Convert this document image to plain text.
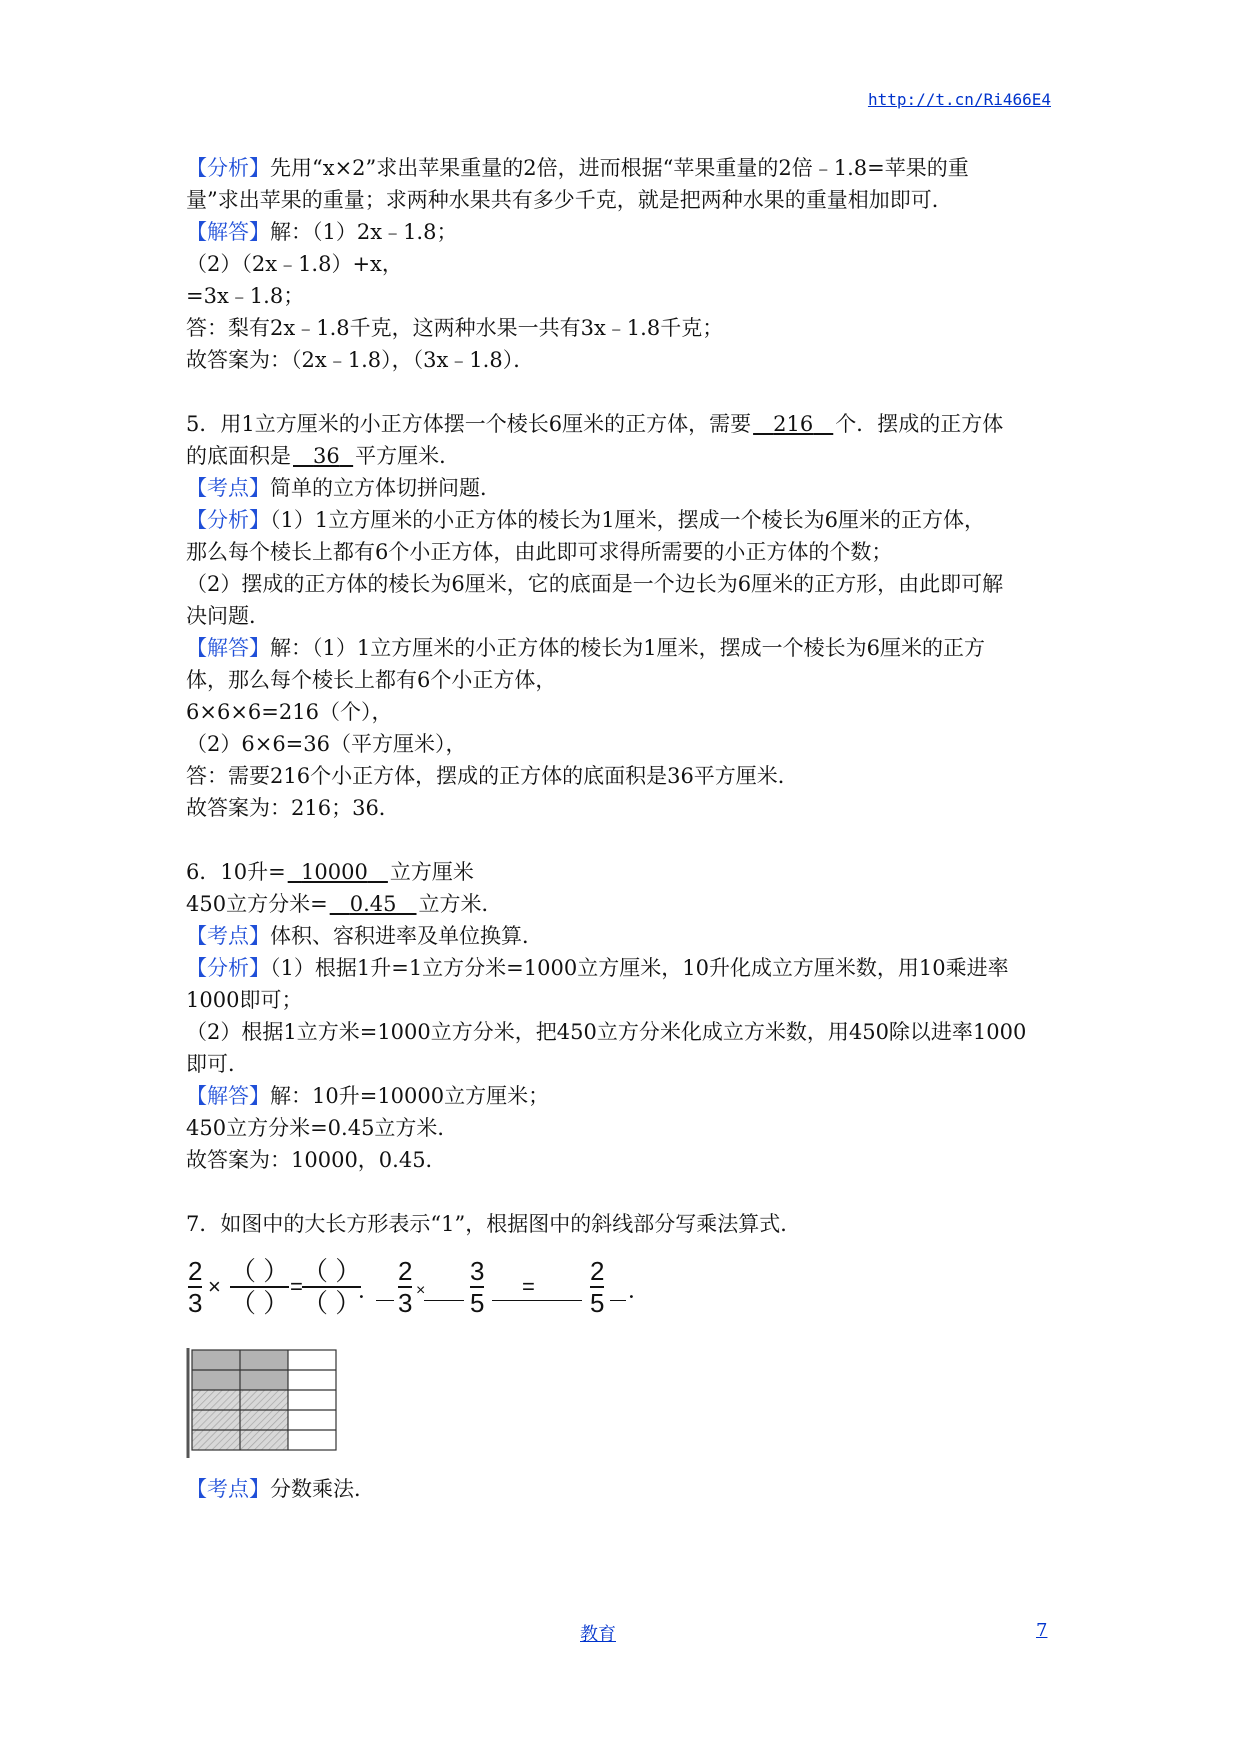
http://t.cn/Ri466E4
【分析】先用“x×2”求出苹果重量的2倍，进而根据“苹果重量的2倍﹣1.8=苹果的重
量”求出苹果的重量；求两种水果共有多少千克，就是把两种水果的重量相加即可．
【解答】解：（1）2x﹣1.8；
（2）（2x﹣1.8）+x，
=3x﹣1.8；
答：梨有2x﹣1.8千克，这两种水果一共有3x﹣1.8千克；
故答案为：（2x﹣1.8），（3x﹣1.8）．
5．用1立方厘米的小正方体摆一个棱长6厘米的正方体，需要 216 个．摆成的正方体
的底面积是 36 平方厘米．
【考点】简单的立方体切拼问题．
【分析】（1）1立方厘米的小正方体的棱长为1厘米，摆成一个棱长为6厘米的正方体，
那么每个棱长上都有6个小正方体，由此即可求得所需要的小正方体的个数；
（2）摆成的正方体的棱长为6厘米，它的底面是一个边长为6厘米的正方形，由此即可解
决问题．
【解答】解：（1）1立方厘米的小正方体的棱长为1厘米，摆成一个棱长为6厘米的正方
体，那么每个棱长上都有6个小正方体，
6×6×6=216（个），
（2）6×6=36（平方厘米），
答：需要216个小正方体，摆成的正方体的底面积是36平方厘米．
故答案为：216；36．
6．10升= 10000 立方厘米
450立方分米= 0.45 立方米．
【考点】体积、容积进率及单位换算．
【分析】（1）根据1升=1立方分米=1000立方厘米，10升化成立方厘米数，用10乘进率
1000即可；
（2）根据1立方米=1000立方分米，把450立方分米化成立方米数，用450除以进率1000
即可．
【解答】解：10升=10000立方厘米；
450立方分米=0.45立方米．
故答案为：10000，0.45．
7．如图中的大长方形表示“1”，根据图中的斜线部分写乘法算式．
2
3
×
（ ）
（ ）
=
（ ）
（ ）
．
2
3 ×
3
5
=
2
5 ．
【考点】分数乘法．
教育	7
